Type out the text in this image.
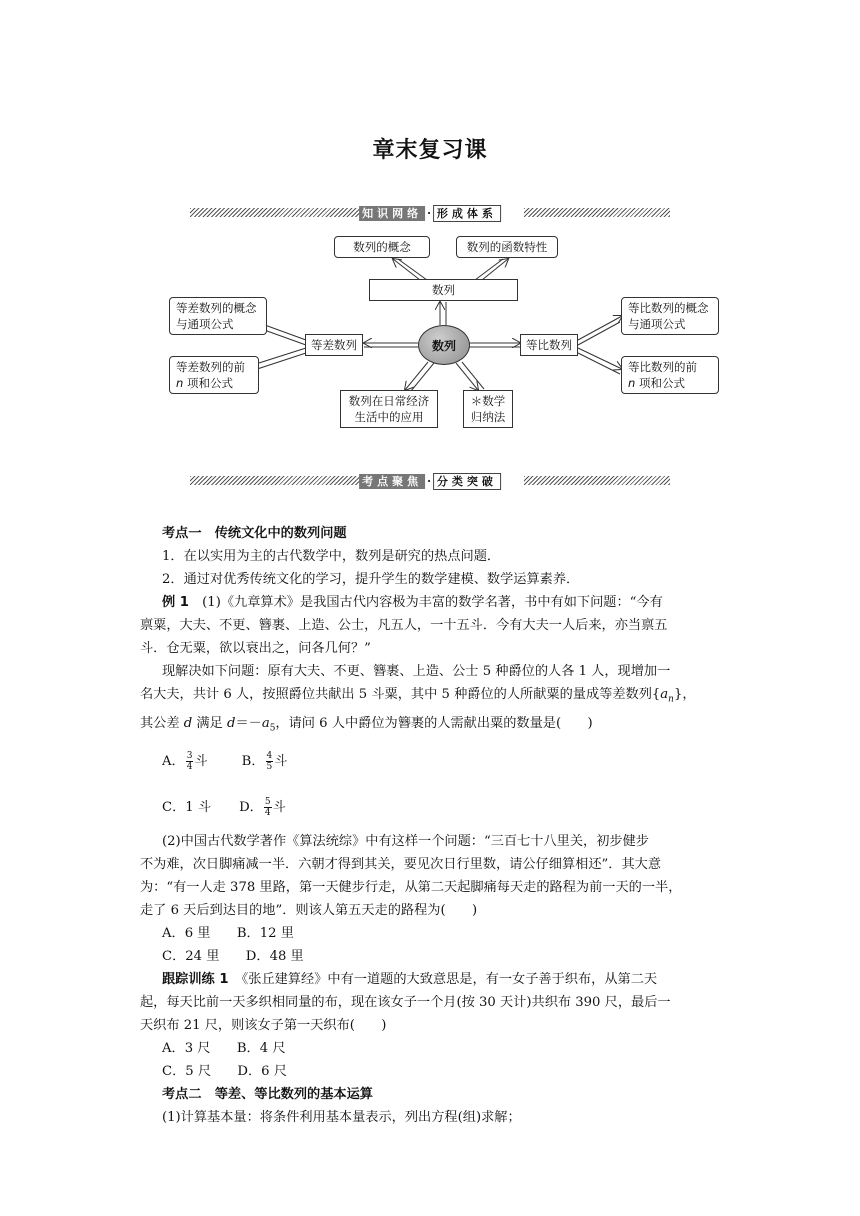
章末复习课
知识网络 · 形成体系
数列的概念	数列的函数特性
数列
数列
等差数列	等比数列
等差数列的概念
与通项公式
等差数列的前
n 项和公式
等比数列的概念
与通项公式
等比数列的前
n 项和公式
数列在日常经济
生活中的应用
＊数学
归纳法
考点聚焦 · 分类突破

考点一　传统文化中的数列问题

1．在以实用为主的古代数学中，数列是研究的热点问题．

2．通过对优秀传统文化的学习，提升学生的数学建模、数学运算素养．

例 1　(1)《九章算术》是我国古代内容极为丰富的数学名著，书中有如下问题：“今有

禀粟，大夫、不更、簪裹、上造、公士，凡五人，一十五斗．今有大夫一人后来，亦当禀五

斗．仓无粟，欲以衰出之，问各几何？”

现解决如下问题：原有大夫、不更、簪裹、上造、公士 5 种爵位的人各 1 人，现增加一

名大夫，共计 6 人，按照爵位共献出 5 斗粟，其中 5 种爵位的人所献粟的量成等差数列$\{a_n\}$，

其公差 d 满足 $d=-a_5$，请问 6 人中爵位为簪裹的人需献出粟的数量是(　　)

A． $\frac{3}{4}$ 斗	B． $\frac{4}{5}$ 斗
C．1 斗 D． $\frac{5}{4}$ 斗

(2)中国古代数学著作《算法统综》中有这样一个问题：“三百七十八里关，初步健步

不为难，次日脚痛减一半．六朝才得到其关，要见次日行里数，请公仔细算相还”．其大意

为：“有一人走 378 里路，第一天健步行走，从第二天起脚痛每天走的路程为前一天的一半，

走了 6 天后到达目的地”．则该人第五天走的路程为(　　)

A．6 里　　B．12 里

C．24 里　　D．48 里

跟踪训练 1　《张丘建算经》中有一道题的大致意思是，有一女子善于织布，从第二天

起，每天比前一天多织相同量的布，现在该女子一个月(按 30 天计)共织布 390 尺，最后一

天织布 21 尺，则该女子第一天织布(　　)

A．3 尺　　B．4 尺

C．5 尺　　D．6 尺

考点二　等差、等比数列的基本运算

(1)计算基本量：将条件利用基本量表示，列出方程(组)求解；
